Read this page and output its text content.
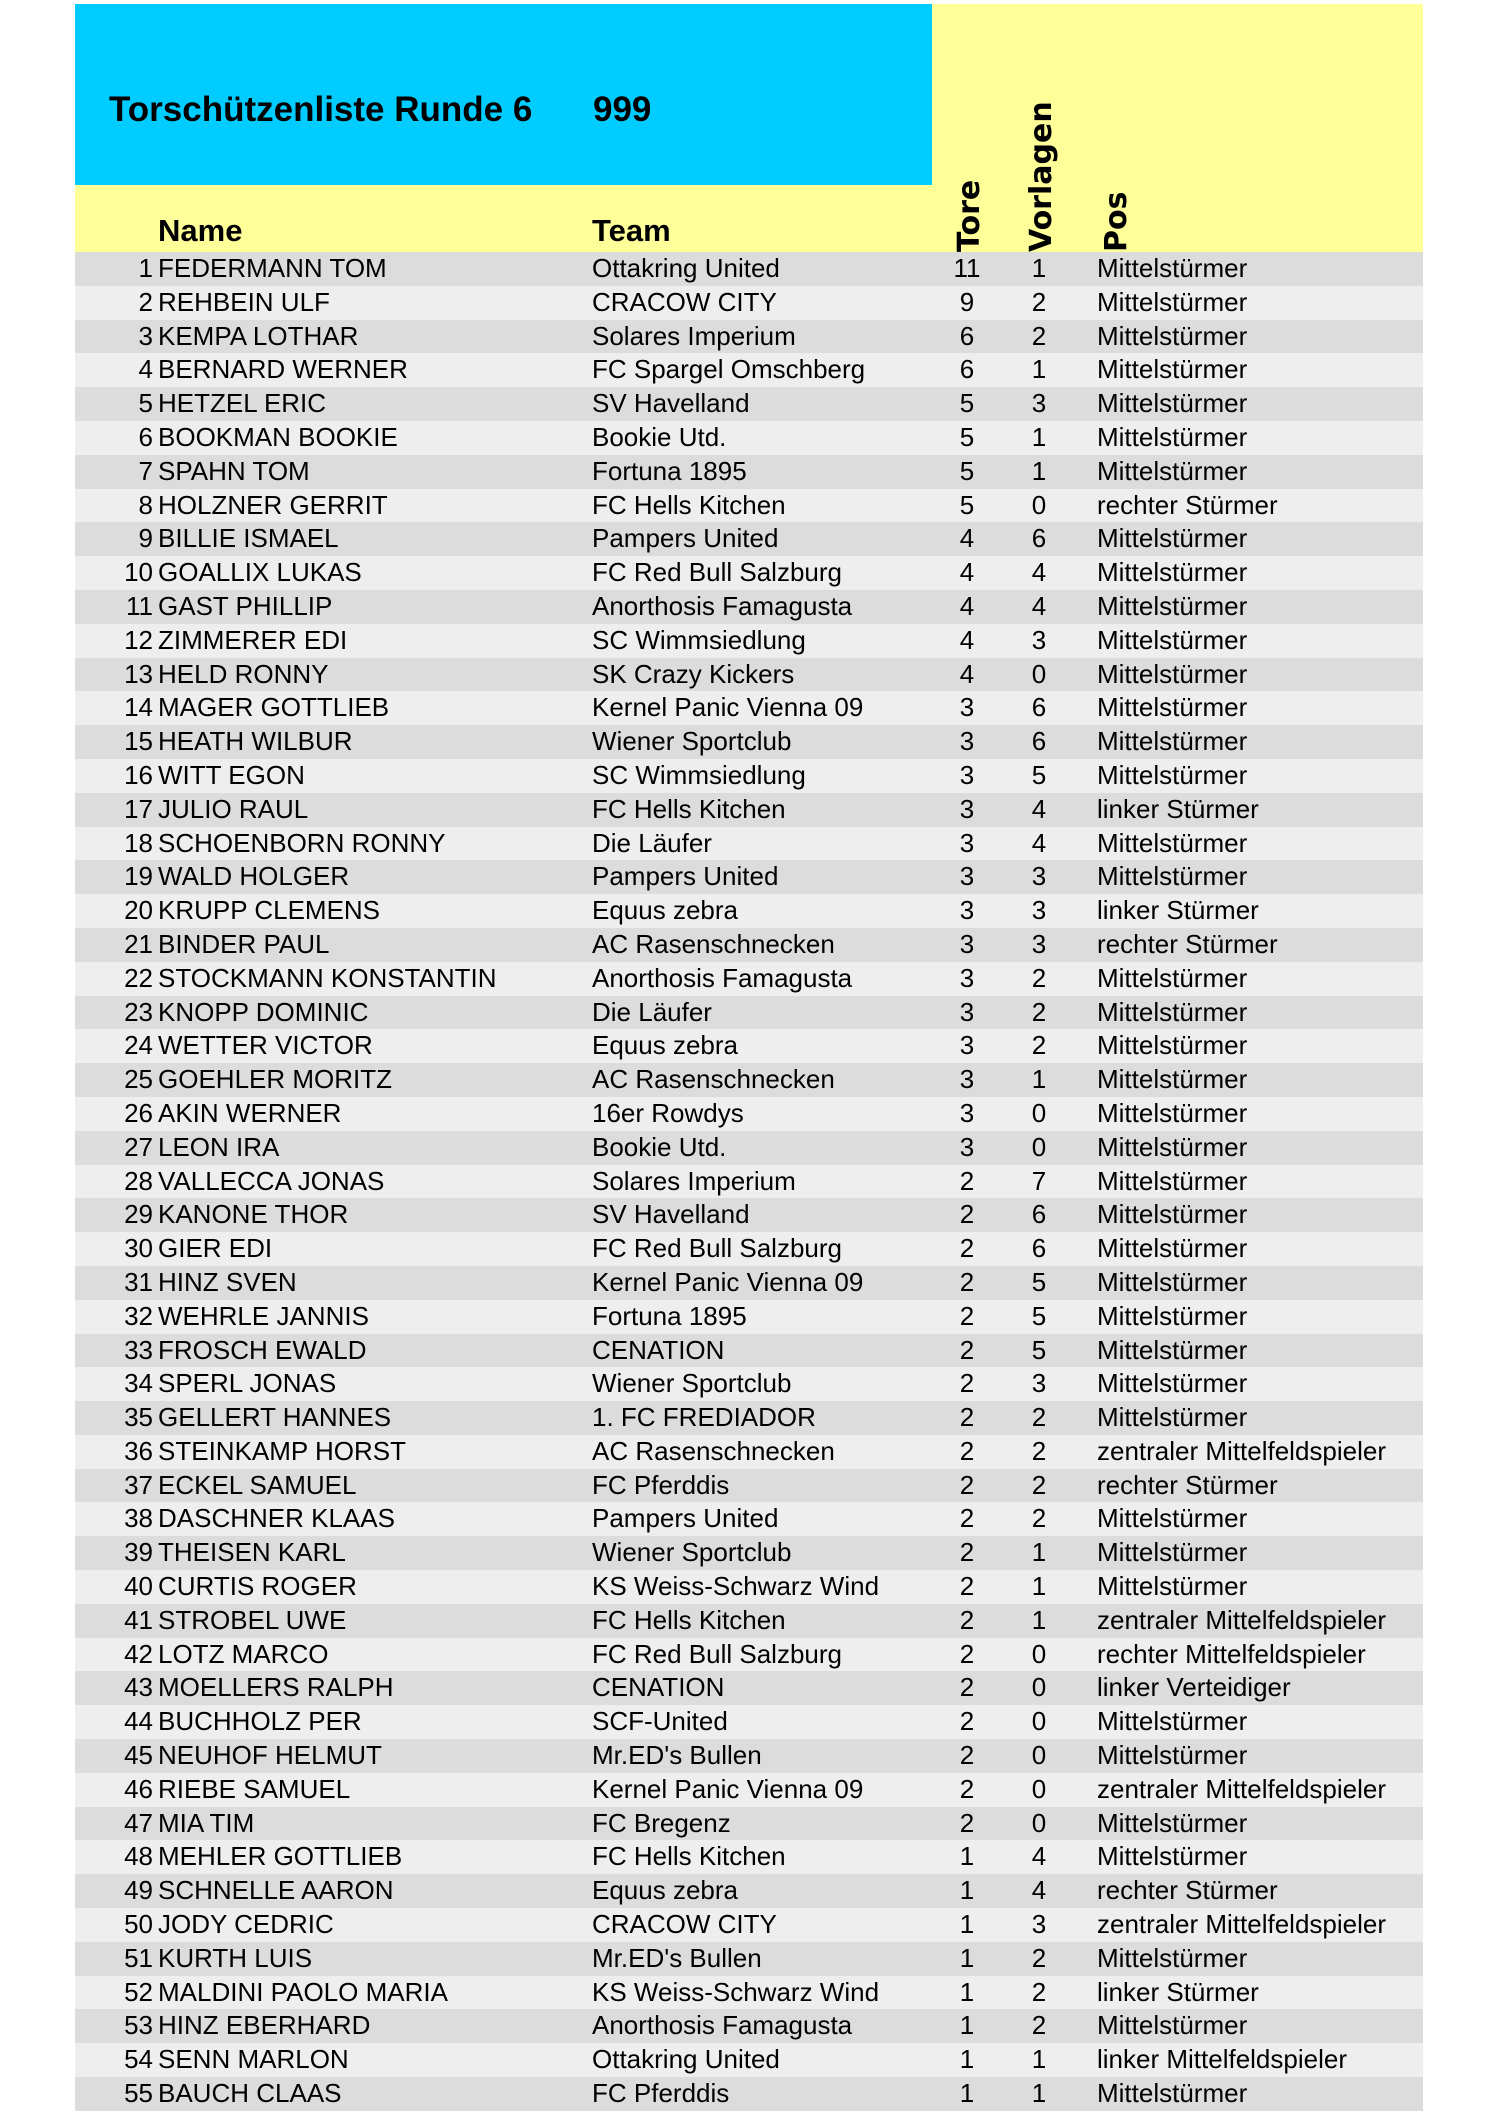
Torschützenliste Runde 6 999
Name	Team	Tore Vorlagen Pos
1 FEDERMANN TOM	Ottakring United	11	1	Mittelstürmer
2 REHBEIN ULF	CRACOW CITY	9	2	Mittelstürmer
3 KEMPA LOTHAR	Solares Imperium	6	2	Mittelstürmer
4 BERNARD WERNER	FC Spargel Omschberg	6	1	Mittelstürmer
5 HETZEL ERIC	SV Havelland	5	3	Mittelstürmer
6 BOOKMAN BOOKIE	Bookie Utd.	5	1	Mittelstürmer
7 SPAHN TOM	Fortuna 1895	5	1	Mittelstürmer
8 HOLZNER GERRIT	FC Hells Kitchen	5	0	rechter Stürmer
9 BILLIE ISMAEL	Pampers United	4	6	Mittelstürmer
10 GOALLIX LUKAS	FC Red Bull Salzburg	4	4	Mittelstürmer
11 GAST PHILLIP	Anorthosis Famagusta	4	4	Mittelstürmer
12 ZIMMERER EDI	SC Wimmsiedlung	4	3	Mittelstürmer
13 HELD RONNY	SK Crazy Kickers	4	0	Mittelstürmer
14 MAGER GOTTLIEB	Kernel Panic Vienna 09	3	6	Mittelstürmer
15 HEATH WILBUR	Wiener Sportclub	3	6	Mittelstürmer
16 WITT EGON	SC Wimmsiedlung	3	5	Mittelstürmer
17 JULIO RAUL	FC Hells Kitchen	3	4	linker Stürmer
18 SCHOENBORN RONNY	Die Läufer	3	4	Mittelstürmer
19 WALD HOLGER	Pampers United	3	3	Mittelstürmer
20 KRUPP CLEMENS	Equus zebra	3	3	linker Stürmer
21 BINDER PAUL	AC Rasenschnecken	3	3	rechter Stürmer
22 STOCKMANN KONSTANTIN	Anorthosis Famagusta	3	2	Mittelstürmer
23 KNOPP DOMINIC	Die Läufer	3	2	Mittelstürmer
24 WETTER VICTOR	Equus zebra	3	2	Mittelstürmer
25 GOEHLER MORITZ	AC Rasenschnecken	3	1	Mittelstürmer
26 AKIN WERNER	16er Rowdys	3	0	Mittelstürmer
27 LEON IRA	Bookie Utd.	3	0	Mittelstürmer
28 VALLECCA JONAS	Solares Imperium	2	7	Mittelstürmer
29 KANONE THOR	SV Havelland	2	6	Mittelstürmer
30 GIER EDI	FC Red Bull Salzburg	2	6	Mittelstürmer
31 HINZ SVEN	Kernel Panic Vienna 09	2	5	Mittelstürmer
32 WEHRLE JANNIS	Fortuna 1895	2	5	Mittelstürmer
33 FROSCH EWALD	CENATION	2	5	Mittelstürmer
34 SPERL JONAS	Wiener Sportclub	2	3	Mittelstürmer
35 GELLERT HANNES	1. FC FREDIADOR	2	2	Mittelstürmer
36 STEINKAMP HORST	AC Rasenschnecken	2	2	zentraler Mittelfeldspieler
37 ECKEL SAMUEL	FC Pferddis	2	2	rechter Stürmer
38 DASCHNER KLAAS	Pampers United	2	2	Mittelstürmer
39 THEISEN KARL	Wiener Sportclub	2	1	Mittelstürmer
40 CURTIS ROGER	KS Weiss-Schwarz Wind	2	1	Mittelstürmer
41 STROBEL UWE	FC Hells Kitchen	2	1	zentraler Mittelfeldspieler
42 LOTZ MARCO	FC Red Bull Salzburg	2	0	rechter Mittelfeldspieler
43 MOELLERS RALPH	CENATION	2	0	linker Verteidiger
44 BUCHHOLZ PER	SCF-United	2	0	Mittelstürmer
45 NEUHOF HELMUT	Mr.ED's Bullen	2	0	Mittelstürmer
46 RIEBE SAMUEL	Kernel Panic Vienna 09	2	0	zentraler Mittelfeldspieler
47 MIA TIM	FC Bregenz	2	0	Mittelstürmer
48 MEHLER GOTTLIEB	FC Hells Kitchen	1	4	Mittelstürmer
49 SCHNELLE AARON	Equus zebra	1	4	rechter Stürmer
50 JODY CEDRIC	CRACOW CITY	1	3	zentraler Mittelfeldspieler
51 KURTH LUIS	Mr.ED's Bullen	1	2	Mittelstürmer
52 MALDINI PAOLO MARIA	KS Weiss-Schwarz Wind	1	2	linker Stürmer
53 HINZ EBERHARD	Anorthosis Famagusta	1	2	Mittelstürmer
54 SENN MARLON	Ottakring United	1	1	linker Mittelfeldspieler
55 BAUCH CLAAS	FC Pferddis	1	1	Mittelstürmer
